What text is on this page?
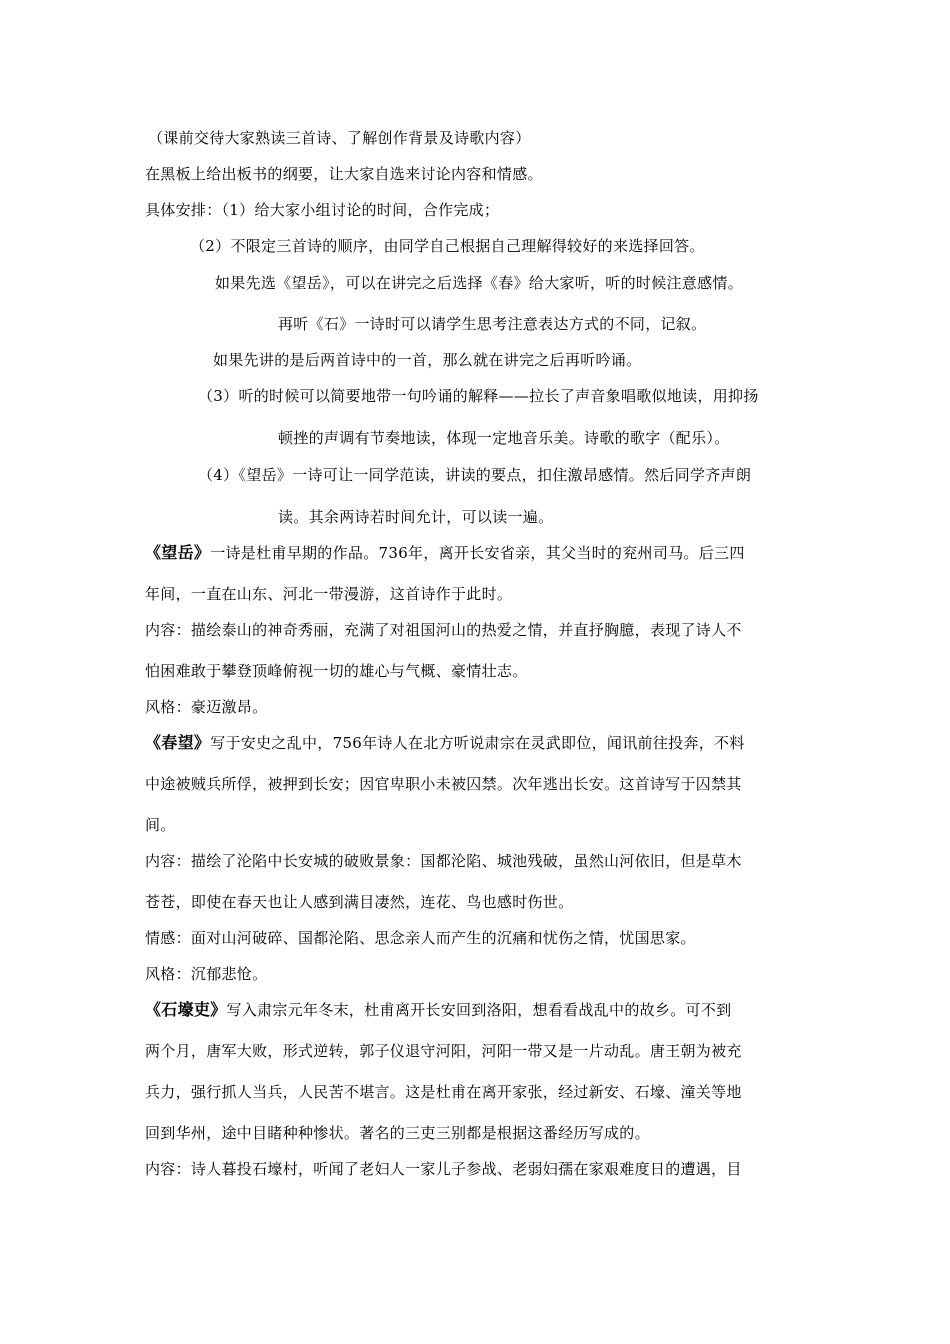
（课前交待大家熟读三首诗、了解创作背景及诗歌内容）
在黑板上给出板书的纲要，让大家自选来讨论内容和情感。
具体安排：（1）给大家小组讨论的时间，合作完成；
（2）不限定三首诗的顺序，由同学自己根据自己理解得较好的来选择回答。
如果先选《望岳》，可以在讲完之后选择《春》给大家听，听的时候注意感情。
再听《石》一诗时可以请学生思考注意表达方式的不同，记叙。
如果先讲的是后两首诗中的一首，那么就在讲完之后再听吟诵。
（3）听的时候可以简要地带一句吟诵的解释——拉长了声音象唱歌似地读，用抑扬
顿挫的声调有节奏地读，体现一定地音乐美。诗歌的歌字（配乐）。
（4）《望岳》一诗可让一同学范读，讲读的要点，扣住激昂感情。然后同学齐声朗
读。其余两诗若时间允计，可以读一遍。
《望岳》一诗是杜甫早期的作品。736年，离开长安省亲，其父当时的兖州司马。后三四
年间，一直在山东、河北一带漫游，这首诗作于此时。
内容：描绘泰山的神奇秀丽，充满了对祖国河山的热爱之情，并直抒胸臆，表现了诗人不
怕困难敢于攀登顶峰俯视一切的雄心与气概、豪情壮志。
风格：豪迈激昂。
《春望》写于安史之乱中，756年诗人在北方听说肃宗在灵武即位，闻讯前往投奔，不料
中途被贼兵所俘，被押到长安；因官卑职小未被囚禁。次年逃出长安。这首诗写于囚禁其
间。
内容：描绘了沦陷中长安城的破败景象：国都沦陷、城池残破，虽然山河依旧，但是草木
苍苍，即使在春天也让人感到满目凄然，连花、鸟也感时伤世。
情感：面对山河破碎、国都沦陷、思念亲人而产生的沉痛和忧伤之情，忧国思家。
风格：沉郁悲怆。
《石壕吏》写入肃宗元年冬末，杜甫离开长安回到洛阳，想看看战乱中的故乡。可不到
两个月，唐军大败，形式逆转，郭子仪退守河阳，河阳一带又是一片动乱。唐王朝为被充
兵力，强行抓人当兵，人民苦不堪言。这是杜甫在离开家张，经过新安、石壕、潼关等地
回到华州，途中目睹种种惨状。著名的三吏三别都是根据这番经历写成的。
内容：诗人暮投石壕村，听闻了老妇人一家儿子参战、老弱妇孺在家艰难度日的遭遇，目
